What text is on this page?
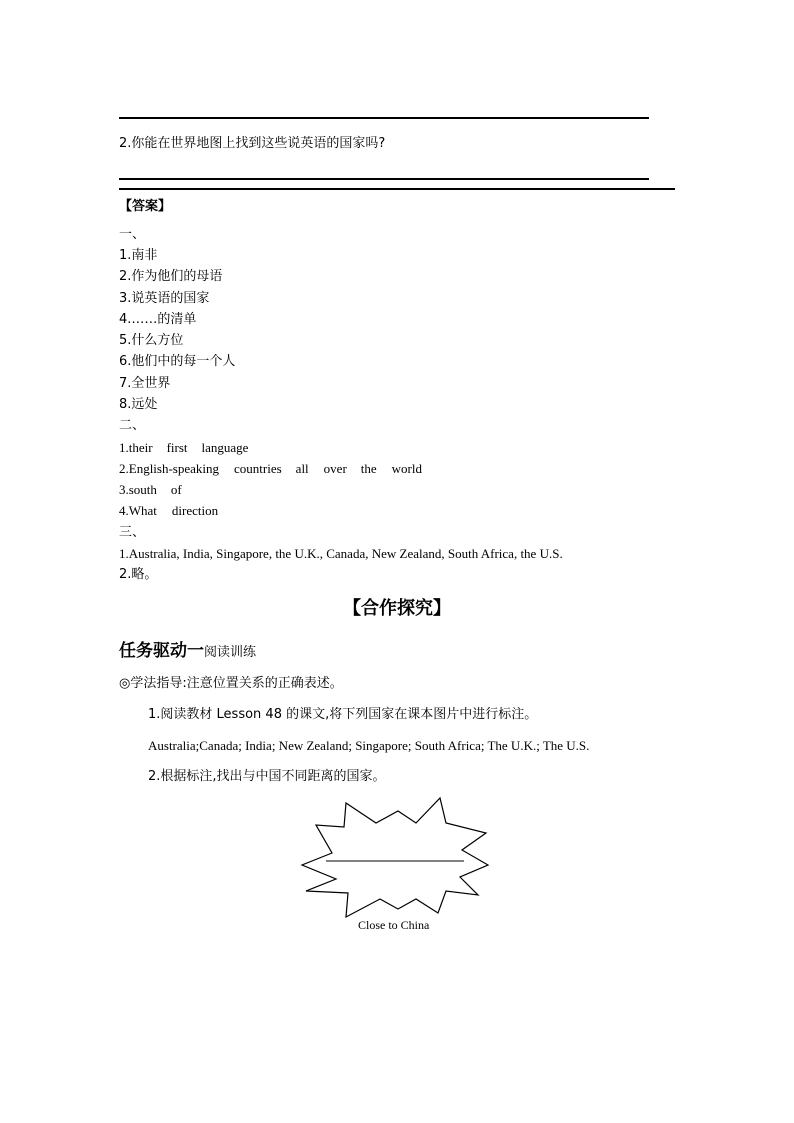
2.你能在世界地图上找到这些说英语的国家吗?
【答案】
一、
1.南非
2.作为他们的母语
3.说英语的国家
4.……的清单
5.什么方位
6.他们中的每一个人
7.全世界
8.远处
二、
1.their first language
2.English-speaking countries all over the world
3.south of
4.What direction
三、
1.Australia, India, Singapore, the U.K., Canada, New Zealand, South Africa, the U.S.
2.略。
【合作探究】
任务驱动一阅读训练
◎学法指导:注意位置关系的正确表述。
1.阅读教材 Lesson 48 的课文,将下列国家在课本图片中进行标注。
Australia;Canada; India; New Zealand; Singapore; South Africa; The U.K.; The U.S.
2.根据标注,找出与中国不同距离的国家。
Close to China
